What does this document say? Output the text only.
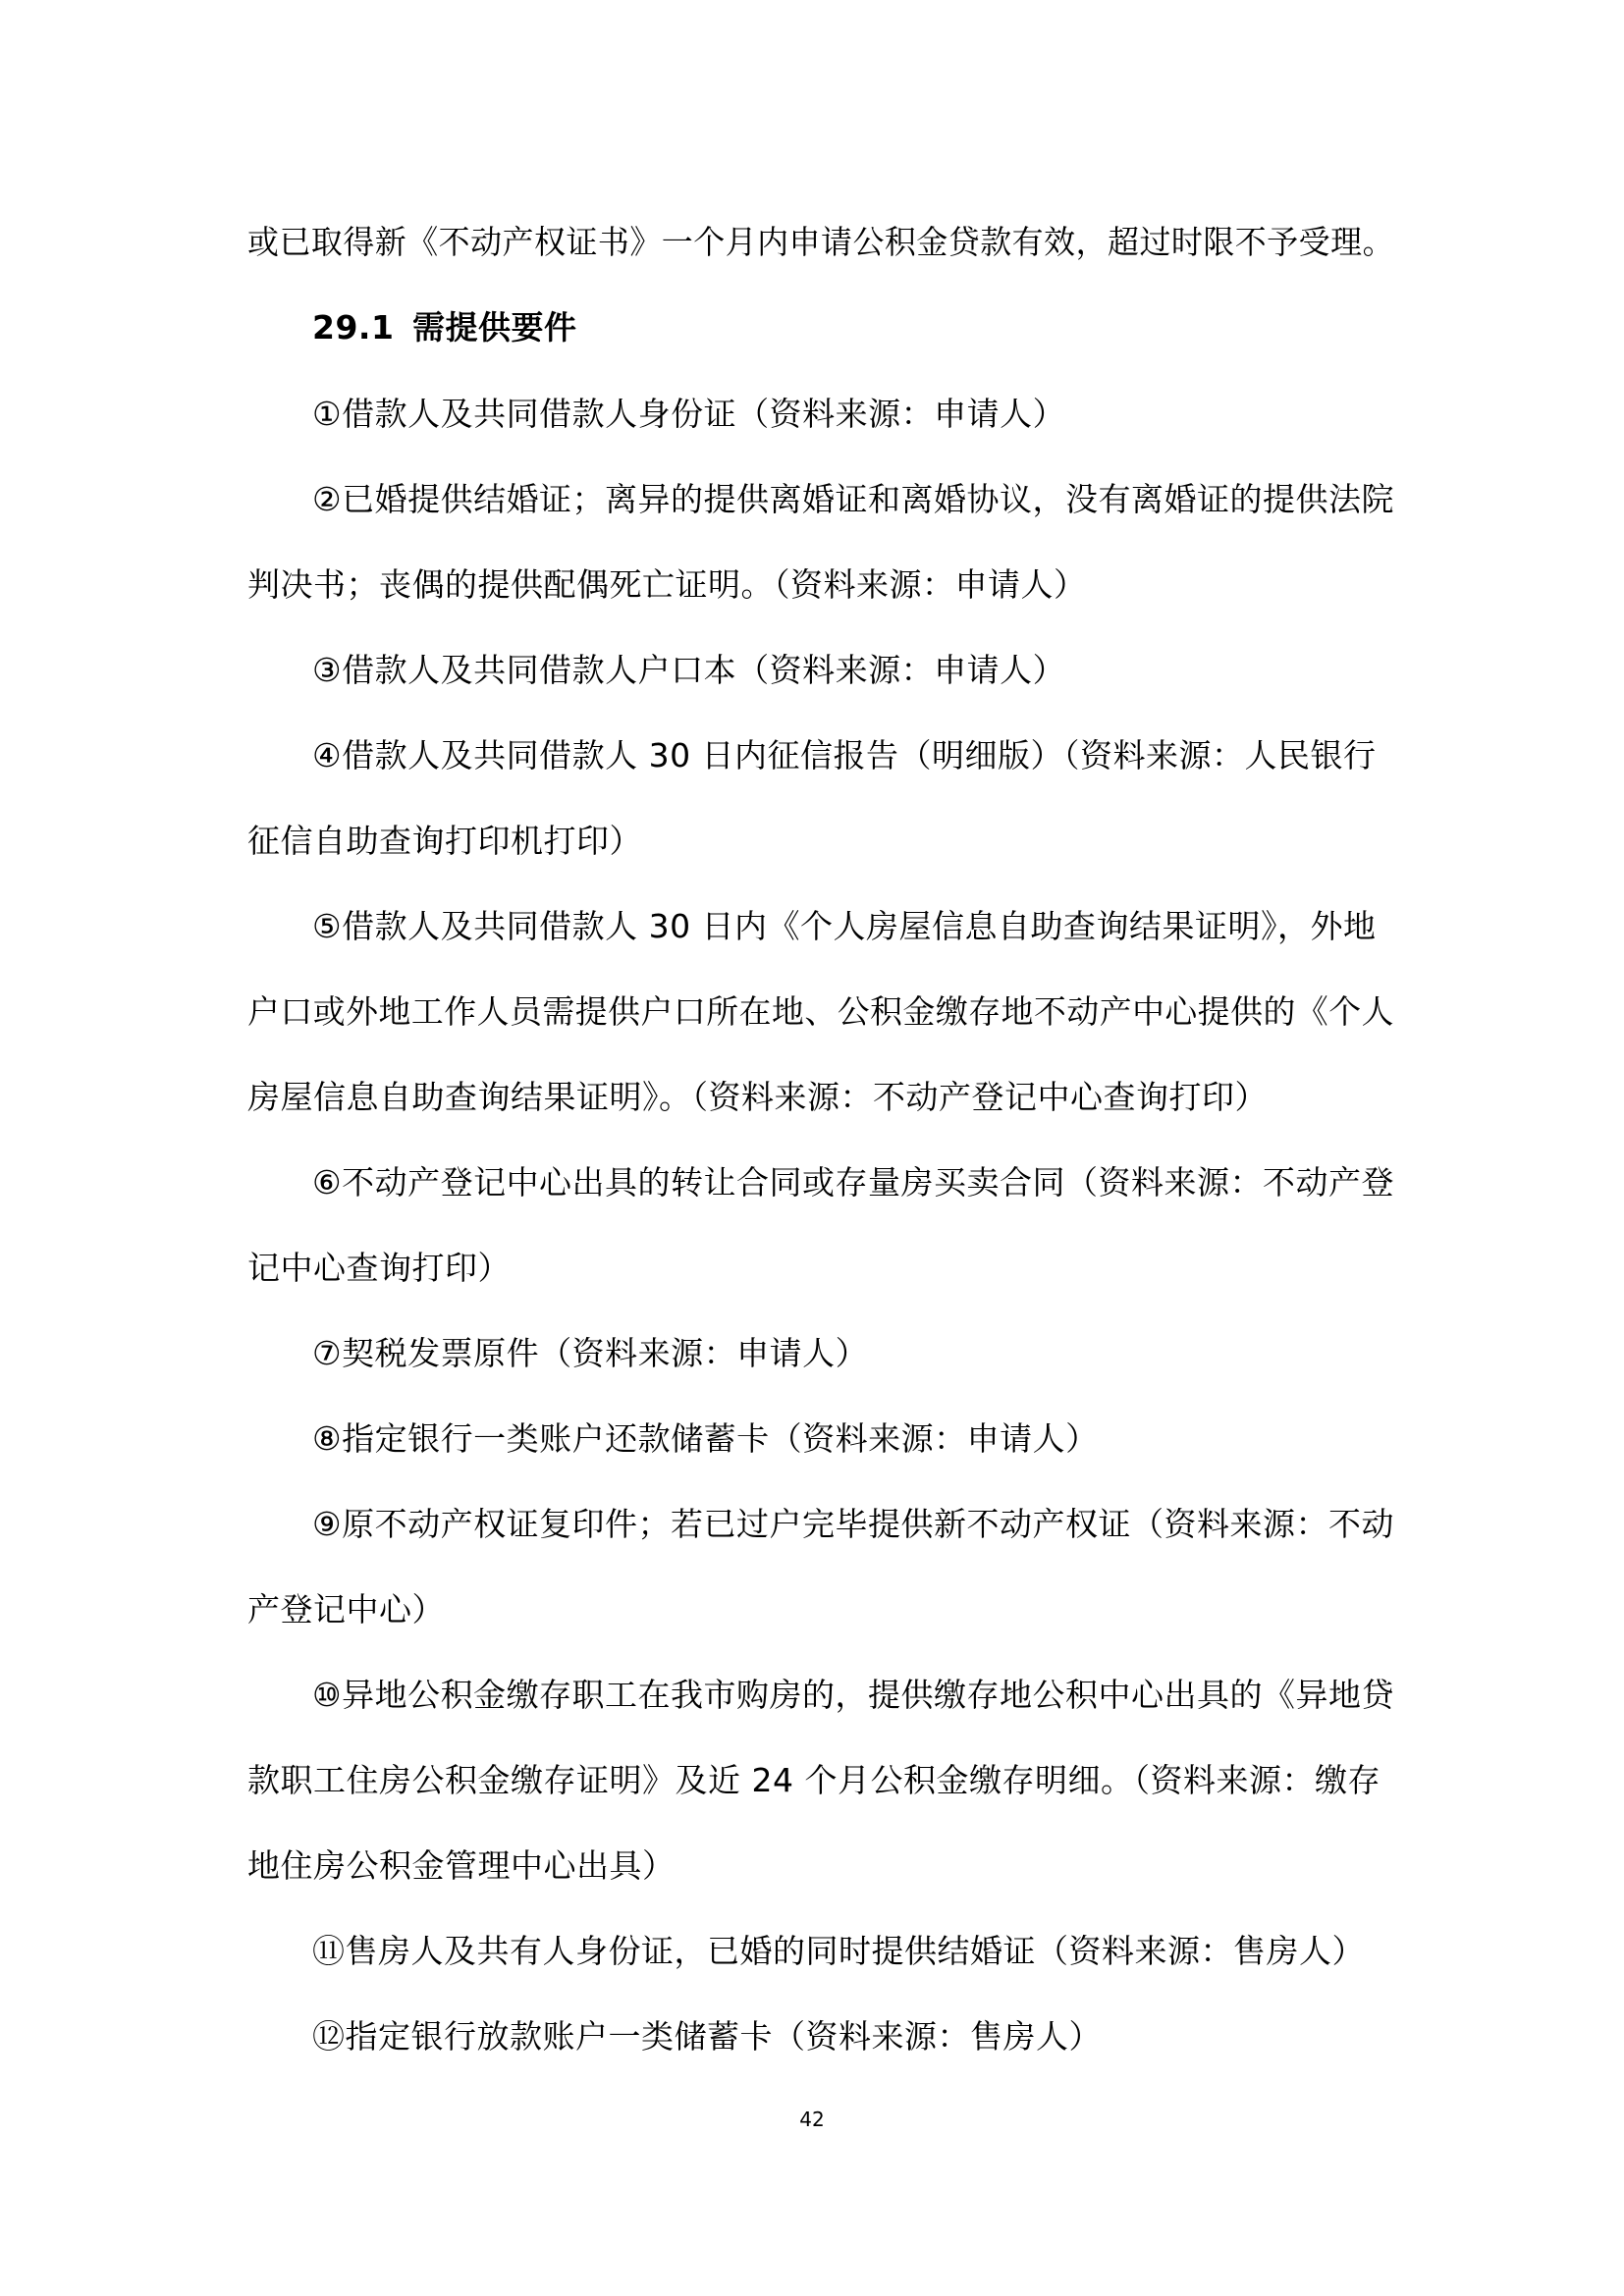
或已取得新《不动产权证书》一个月内申请公积金贷款有效，超过时限不予受理。
29.1 需提供要件
①借款人及共同借款人身份证（资料来源：申请人）
②已婚提供结婚证；离异的提供离婚证和离婚协议，没有离婚证的提供法院
判决书；丧偶的提供配偶死亡证明。（资料来源：申请人）
③借款人及共同借款人户口本（资料来源：申请人）
④借款人及共同借款人 30 日内征信报告（明细版）（资料来源：人民银行
征信自助查询打印机打印）
⑤借款人及共同借款人 30 日内《个人房屋信息自助查询结果证明》，外地
户口或外地工作人员需提供户口所在地、公积金缴存地不动产中心提供的《个人
房屋信息自助查询结果证明》。（资料来源：不动产登记中心查询打印）
⑥不动产登记中心出具的转让合同或存量房买卖合同（资料来源：不动产登
记中心查询打印）
⑦契税发票原件（资料来源：申请人）
⑧指定银行一类账户还款储蓄卡（资料来源：申请人）
⑨原不动产权证复印件；若已过户完毕提供新不动产权证（资料来源：不动
产登记中心）
⑩异地公积金缴存职工在我市购房的，提供缴存地公积中心出具的《异地贷
款职工住房公积金缴存证明》及近 24 个月公积金缴存明细。（资料来源：缴存
地住房公积金管理中心出具）
⑪售房人及共有人身份证，已婚的同时提供结婚证（资料来源：售房人）
⑫指定银行放款账户一类储蓄卡（资料来源：售房人）
42
